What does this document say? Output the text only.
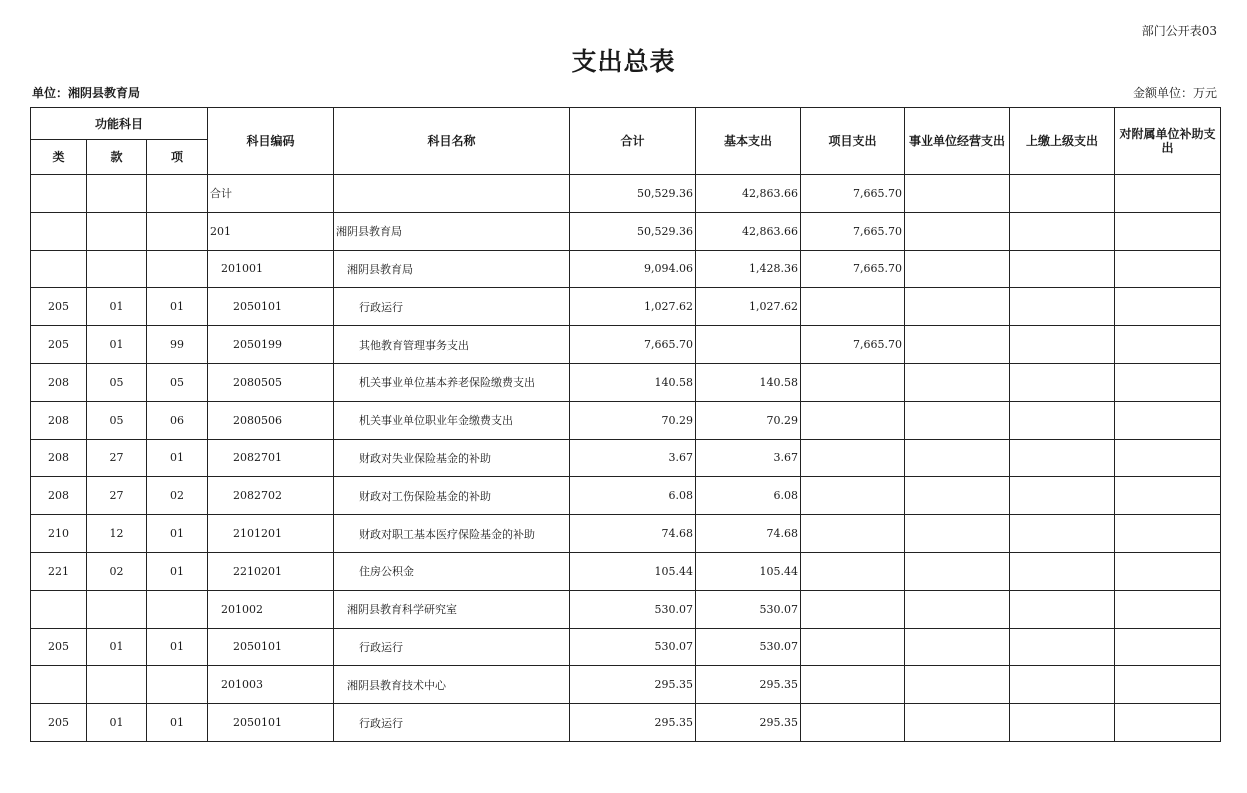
部门公开表03
支出总表
单位：湘阴县教育局	金额单位：万元
功能科目			科目编码	科目名称	合计	基本支出	项目支出	事业单位经营支出	上缴上级支出	对附属单位补助支出
类	款	项								
			合计		50,529.36	42,863.66	7,665.70			
			201	湘阴县教育局	50,529.36	42,863.66	7,665.70			
			201001	湘阴县教育局	9,094.06	1,428.36	7,665.70			
205	01	01	2050101	行政运行	1,027.62	1,027.62				
205	01	99	2050199	其他教育管理事务支出	7,665.70		7,665.70			
208	05	05	2080505	机关事业单位基本养老保险缴费支出	140.58	140.58				
208	05	06	2080506	机关事业单位职业年金缴费支出	70.29	70.29				
208	27	01	2082701	财政对失业保险基金的补助	3.67	3.67				
208	27	02	2082702	财政对工伤保险基金的补助	6.08	6.08				
210	12	01	2101201	财政对职工基本医疗保险基金的补助	74.68	74.68				
221	02	01	2210201	住房公积金	105.44	105.44				
			201002	湘阴县教育科学研究室	530.07	530.07				
205	01	01	2050101	行政运行	530.07	530.07				
			201003	湘阴县教育技术中心	295.35	295.35				
205	01	01	2050101	行政运行	295.35	295.35				
